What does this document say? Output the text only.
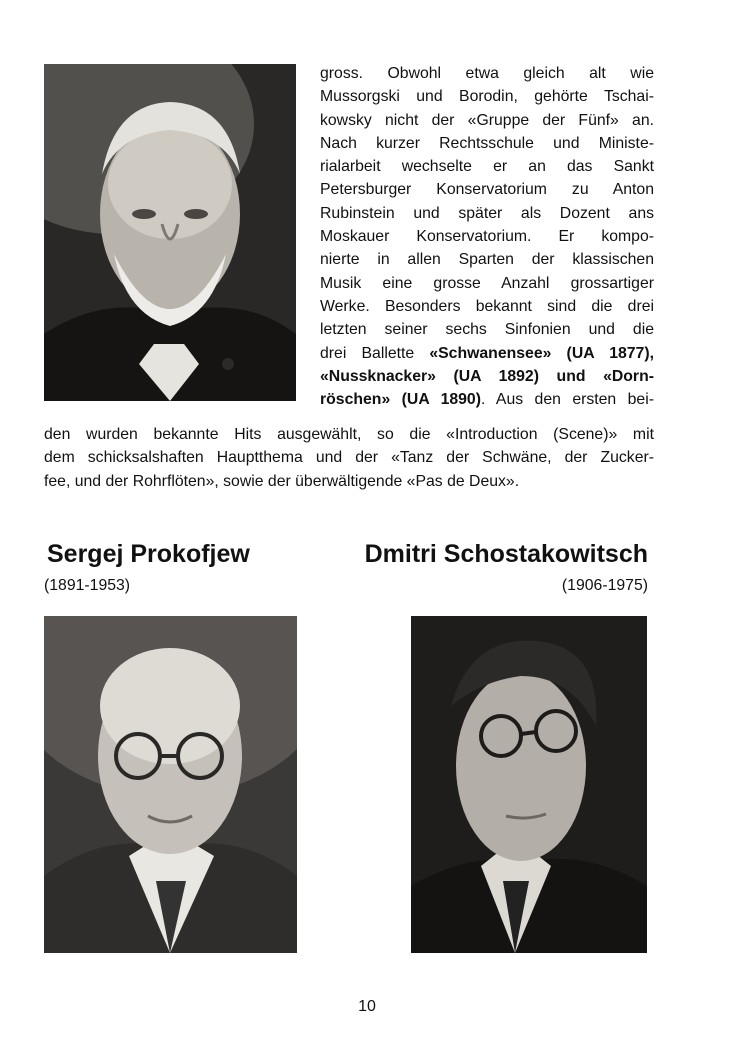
gross. Obwohl etwa gleich alt wie
Mussorgski und Borodin, gehörte Tschai-
kowsky nicht der «Gruppe der Fünf» an.
Nach kurzer Rechtsschule und Ministe-
rialarbeit wechselte er an das Sankt
Petersburger Konservatorium zu Anton
Rubinstein und später als Dozent ans
Moskauer Konservatorium. Er kompo-
nierte in allen Sparten der klassischen
Musik eine grosse Anzahl grossartiger
Werke. Besonders bekannt sind die drei
letzten seiner sechs Sinfonien und die
drei Ballette «Schwanensee» (UA 1877),
«Nussknacker» (UA 1892) und «Dorn-
röschen» (UA 1890). Aus den ersten bei-

den wurden bekannte Hits ausgewählt, so die «Introduction (Scene)» mit
dem schicksalshaften Hauptthema und der «Tanz der Schwäne, der Zucker-
fee, und der Rohrflöten», sowie der überwältigende «Pas de Deux».

Sergej Prokofjew
(1891-1953)
Dmitri Schostakowitsch
(1906-1975)
10
